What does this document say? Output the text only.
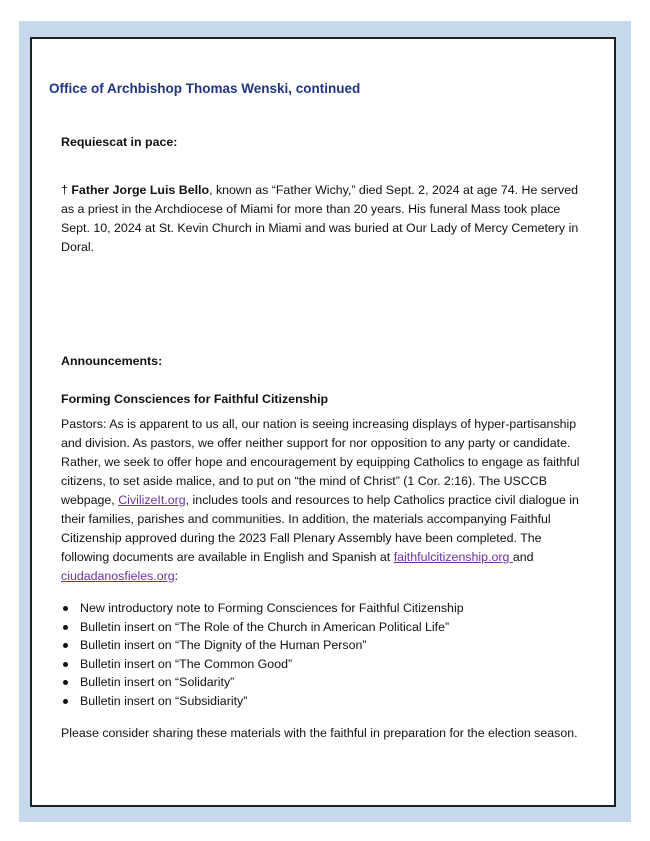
Office of Archbishop Thomas Wenski, continued

Requiescat in pace:

† Father Jorge Luis Bello, known as “Father Wichy,” died Sept. 2, 2024 at age 74. He served as a priest in the Archdiocese of Miami for more than 20 years. His funeral Mass took place Sept. 10, 2024 at St. Kevin Church in Miami and was buried at Our Lady of Mercy Cemetery in Doral.

Announcements:

Forming Consciences for Faithful Citizenship

Pastors: As is apparent to us all, our nation is seeing increasing displays of hyper-partisanship and division. As pastors, we offer neither support for nor opposition to any party or candidate. Rather, we seek to offer hope and encouragement by equipping Catholics to engage as faithful citizens, to set aside malice, and to put on “the mind of Christ” (1 Cor. 2:16). The USCCB webpage, CivilizeIt.org, includes tools and resources to help Catholics practice civil dialogue in their families, parishes and communities. In addition, the materials accompanying Faithful Citizenship approved during the 2023 Fall Plenary Assembly have been completed. The following documents are available in English and Spanish at faithfulcitizenship.org and ciudadanosfieles.org:

New introductory note to Forming Consciences for Faithful Citizenship
Bulletin insert on “The Role of the Church in American Political Life”
Bulletin insert on “The Dignity of the Human Person”
Bulletin insert on “The Common Good”
Bulletin insert on “Solidarity”
Bulletin insert on “Subsidiarity”

Please consider sharing these materials with the faithful in preparation for the election season.
